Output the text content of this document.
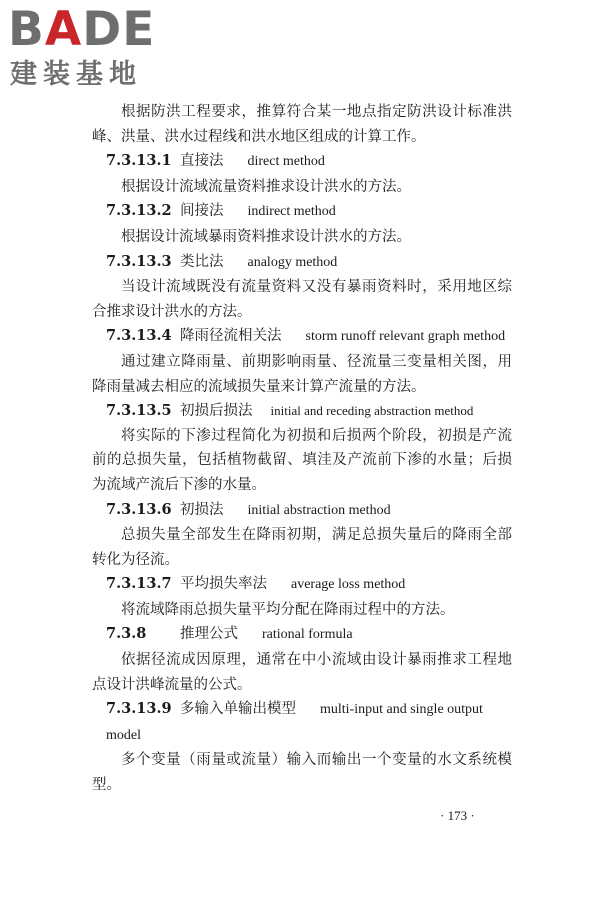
BADE
建装基地

根据防洪工程要求，推算符合某一地点指定防洪设计标准洪峰、洪量、洪水过程线和洪水地区组成的计算工作。

7.3.13.1 直接法 direct method

根据设计流域流量资料推求设计洪水的方法。

7.3.13.2 间接法 indirect method

根据设计流域暴雨资料推求设计洪水的方法。

7.3.13.3 类比法 analogy method

当设计流域既没有流量资料又没有暴雨资料时，采用地区综合推求设计洪水的方法。

7.3.13.4 降雨径流相关法 storm runoff relevant graph method

通过建立降雨量、前期影响雨量、径流量三变量相关图，用降雨量减去相应的流域损失量来计算产流量的方法。

7.3.13.5 初损后损法 initial and receding abstraction method

将实际的下渗过程简化为初损和后损两个阶段，初损是产流前的总损失量，包括植物截留、填洼及产流前下渗的水量；后损为流域产流后下渗的水量。

7.3.13.6 初损法 initial abstraction method

总损失量全部发生在降雨初期，满足总损失量后的降雨全部转化为径流。

7.3.13.7 平均损失率法 average loss method

将流域降雨总损失量平均分配在降雨过程中的方法。

7.3.8 推理公式 rational formula

依据径流成因原理，通常在中小流域由设计暴雨推求工程地点设计洪峰流量的公式。

7.3.13.9 多输入单输出模型 multi-input and single output model

多个变量（雨量或流量）输入而输出一个变量的水文系统模型。

· 173 ·
